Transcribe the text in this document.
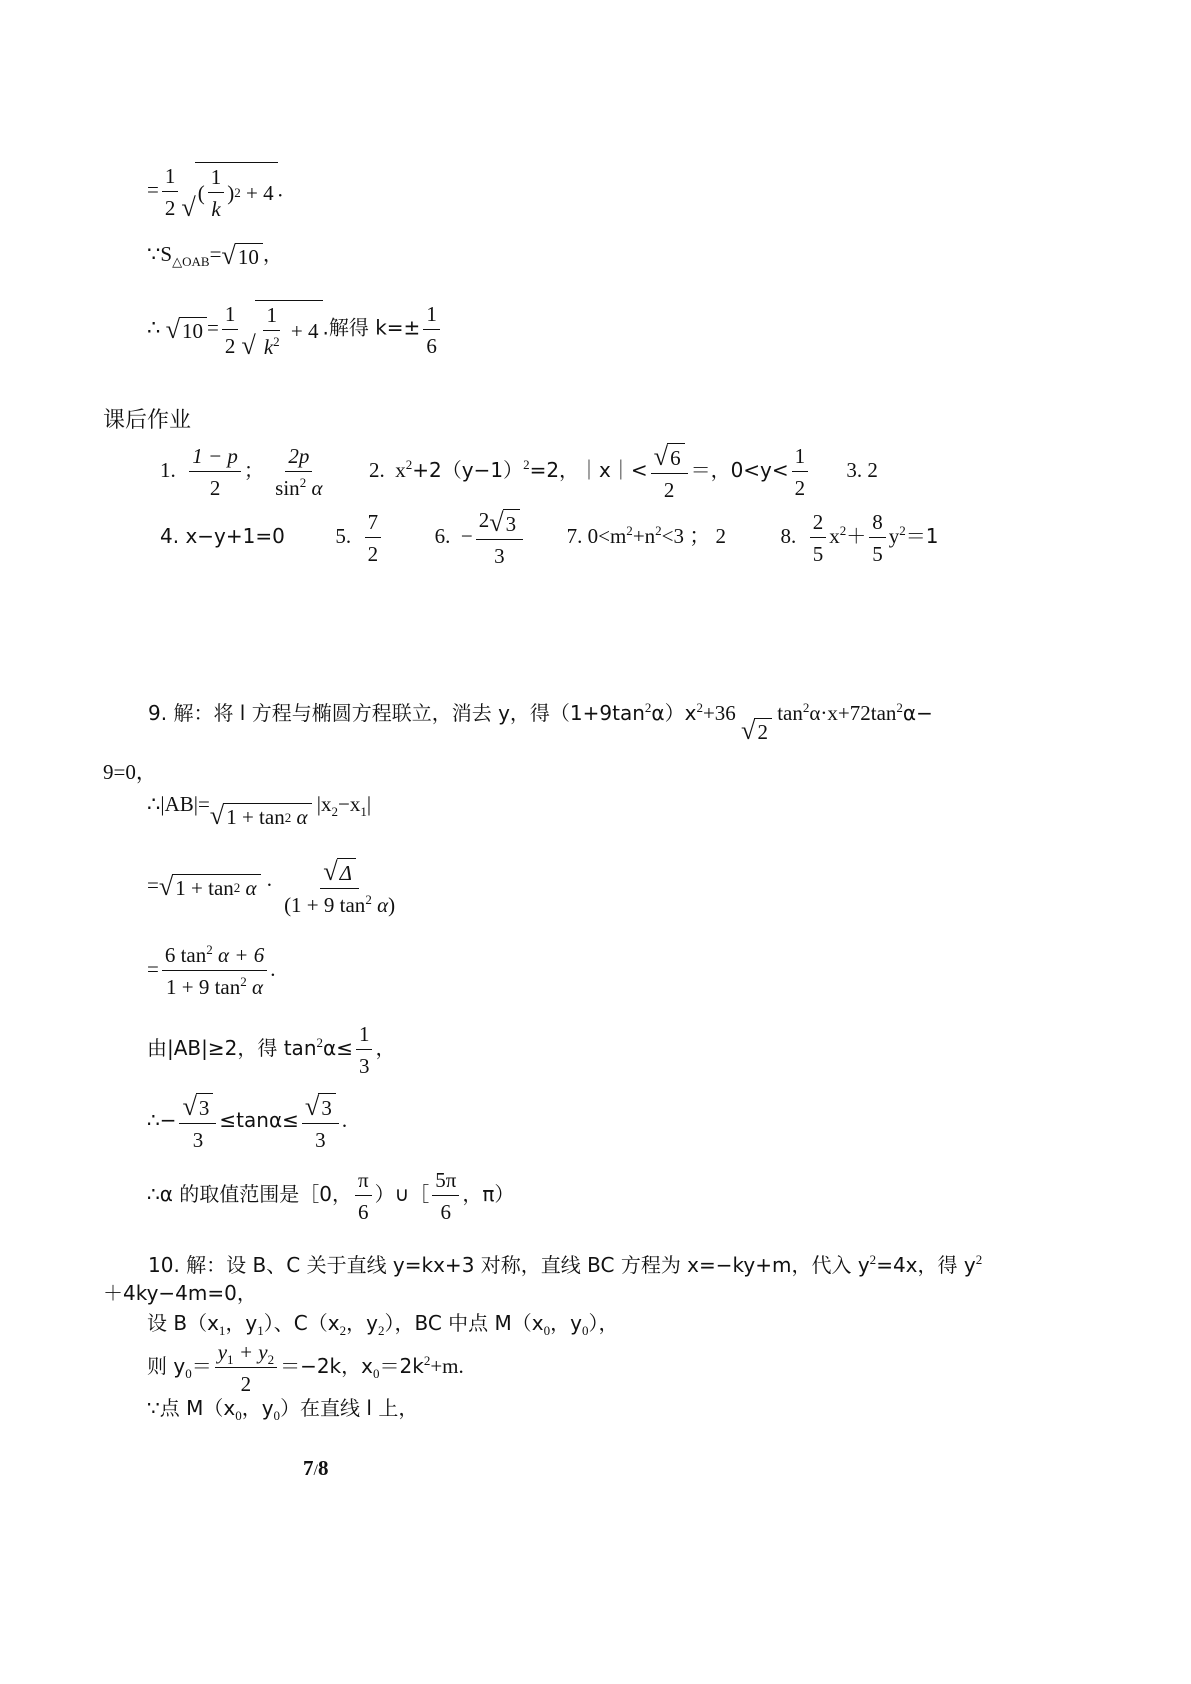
= $\frac{1}{2}$ √
( $\frac{1}{k}$ ) 2
+ 4 .
$\because S_{\triangle OAB}=$ √ 10 ，
∴ √ $10 = \frac{1}{2}$ √ $\frac{1}{k^2}$
+ 4 .解得 $k=\pm \frac{1}{6}$
课后作业
1. $\frac{1 - p}{2}$ ； $\frac{2p}{\sin^2 \alpha} 2$. $x^2+2(y-1)^2=2$，｜x｜< $\frac{√ 6}{2}$ ＝，$0<y< \frac{1}{2} 3$. 2
4. x−y+1=0 5. $\frac{7}{2}$	6. − $\frac{2 √ 3}{3} 7$. $0<m^2+n^2<3$ ； 2	8. $\frac{2}{5} x^2+ \frac{8}{5} y^2=1$
9. 解：将 l 方程与椭圆方程联立，消去 y，得$(1+9\tan^2\alpha)x^2+36$
√ 2
$\tan^2\alpha\cdot x+72\tan^2\alpha-$
9=0，
∴|AB|= √ 1 + tan 2
α
$|x_2-x_1|$
= √ 1 + tan 2
$\alpha \cdot \frac{√ \Delta}{(1 + 9 \tan^2 \alpha)}$
= $\frac{6 \tan^2 \alpha + 6}{1 + 9 \tan^2 \alpha}$ .
由|AB|≥2，得 $\tan^2\alpha\le \frac{1}{3}$ ，
∴− $\frac{√ 3}{3} \le\tan\alpha\le \frac{√ 3}{3}$ .
∴α 的取值范围是［0， $\frac{\pi}{6}$ ）∪［ $\frac{5\pi}{6}$ ，π）
10. 解：设 B、C 关于直线 y=kx+3 对称，直线 BC 方程为 x=−ky+m，代入 $y^2=4x$，得 $y^2$
＋4ky−4m=0，
设 $B(x_1$，$y_1$）、$C(x_2$，$y_2$），BC 中点 $M(x_0$，$y_0$），
则 $y_0= \frac{y_1 + y_2}{2} =-2k$，$x_0=2k^2+m$.
∵点 $M(x_0$，$y_0$）在直线 l 上，
7/8
